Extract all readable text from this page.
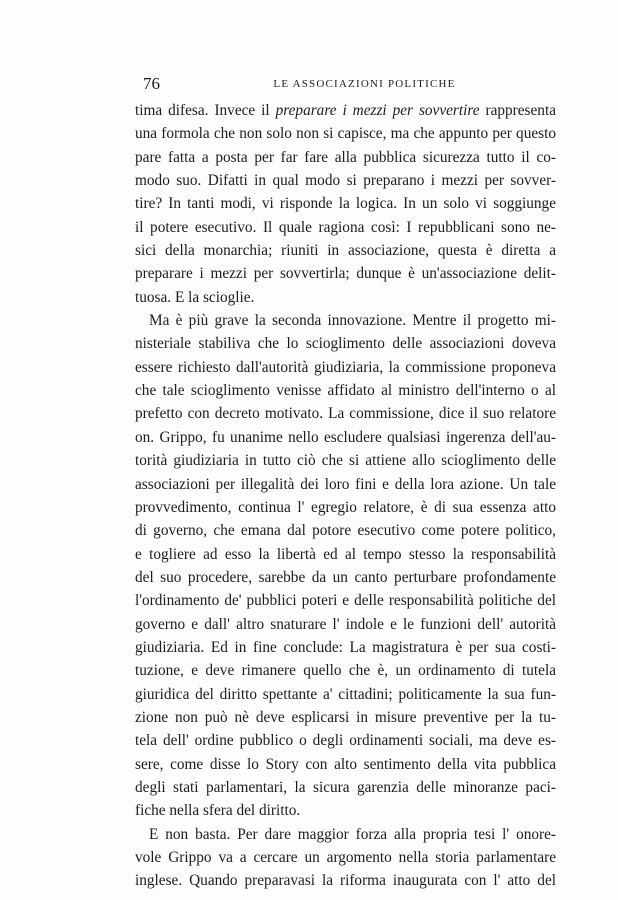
76	LE ASSOCIAZIONI POLITICHE
tima difesa. Invece il preparare i mezzi per sovvertire rappresenta
una formola che non solo non si capisce, ma che appunto per questo
pare fatta a posta per far fare alla pubblica sicurezza tutto il co-
modo suo. Difatti in qual modo si preparano i mezzi per sovver-
tire? In tanti modi, vi risponde la logica. In un solo vi soggiunge
il potere esecutivo. Il quale ragiona così: I repubblicani sono ne-
sici della monarchia; riuniti in associazione, questa è diretta a
preparare i mezzi per sovvertirla; dunque è un'associazione delit-
tuosa. E la scioglie.
Ma è più grave la seconda innovazione. Mentre il progetto mi-
nisteriale stabiliva che lo scioglimento delle associazioni doveva
essere richiesto dall'autorità giudiziaria, la commissione proponeva
che tale scioglimento venisse affidato al ministro dell'interno o al
prefetto con decreto motivato. La commissione, dice il suo relatore
on. Grippo, fu unanime nello escludere qualsiasi ingerenza dell'au-
torità giudiziaria in tutto ciò che si attiene allo scioglimento delle
associazioni per illegalità dei loro fini e della lora azione. Un tale
provvedimento, continua l' egregio relatore, è di sua essenza atto
di governo, che emana dal potore esecutivo come potere politico,
e togliere ad esso la libertà ed al tempo stesso la responsabilità
del suo procedere, sarebbe da un canto perturbare profondamente
l'ordinamento de' pubblici poteri e delle responsabilità politiche del
governo e dall' altro snaturare l' indole e le funzioni dell' autorità
giudiziaria. Ed in fine conclude: La magistratura è per sua costi-
tuzione, e deve rimanere quello che è, un ordinamento di tutela
giuridica del diritto spettante a' cittadini; politicamente la sua fun-
zione non può nè deve esplicarsi in misure preventive per la tu-
tela dell' ordine pubblico o degli ordinamenti sociali, ma deve es-
sere, come disse lo Story con alto sentimento della vita pubblica
degli stati parlamentari, la sicura garenzia delle minoranze paci-
fiche nella sfera del diritto.
E non basta. Per dare maggior forza alla propria tesi l' onore-
vole Grippo va a cercare un argomento nella storia parlamentare
inglese. Quando preparavasi la riforma inaugurata con l' atto del
